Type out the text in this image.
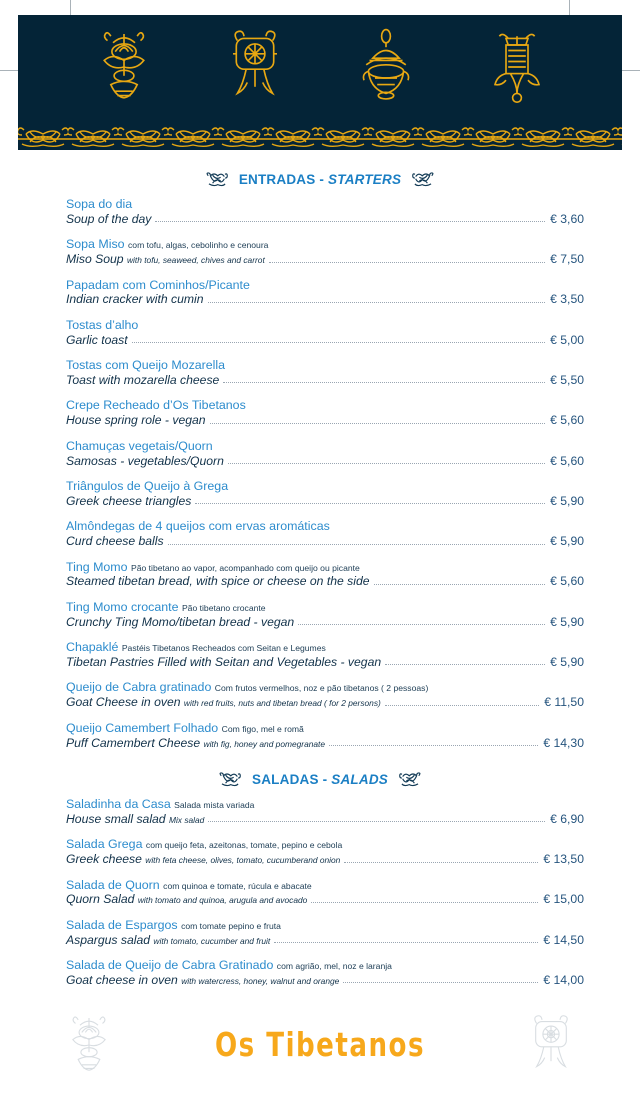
ENTRADAS - STARTERS
Sopa do dia
Soup of the day	€ 3,60
Sopa Miso com tofu, algas, cebolinho e cenoura
Miso Soup with tofu, seaweed, chives and carrot	€ 7,50
Papadam com Cominhos/Picante
Indian cracker with cumin	€ 3,50
Tostas d’alho
Garlic toast	€ 5,00
Tostas com Queijo Mozarella
Toast with mozarella cheese	€ 5,50
Crepe Recheado d’Os Tibetanos
House spring role - vegan	€ 5,60
Chamuças vegetais/Quorn
Samosas - vegetables/Quorn	€ 5,60
Triângulos de Queijo à Grega
Greek cheese triangles	€ 5,90
Almôndegas de 4 queijos com ervas aromáticas
Curd cheese balls	€ 5,90
Ting Momo Pão tibetano ao vapor, acompanhado com queijo ou picante
Steamed tibetan bread, with spice or cheese on the side	€ 5,60
Ting Momo crocante Pão tibetano crocante
Crunchy Ting Momo/tibetan bread - vegan	€ 5,90
Chapaklé Pastéis Tibetanos Recheados com Seitan e Legumes
Tibetan Pastries Filled with Seitan and Vegetables - vegan	€ 5,90
Queijo de Cabra gratinado Com frutos vermelhos, noz e pão tibetanos ( 2 pessoas)
Goat Cheese in oven with red fruits, nuts and tibetan bread ( for 2 persons)	€ 11,50
Queijo Camembert Folhado Com figo, mel e romã
Puff Camembert Cheese with fig, honey and pomegranate	€ 14,30
SALADAS - SALADS
Saladinha da Casa Salada mista variada
House small salad Mix salad	€ 6,90
Salada Grega com queijo feta, azeitonas, tomate, pepino e cebola
Greek cheese with feta cheese, olives, tomato, cucumberand onion	€ 13,50
Salada de Quorn com quinoa e tomate, rúcula e abacate
Quorn Salad with tomato and quinoa, arugula and avocado	€ 15,00
Salada de Espargos com tomate pepino e fruta
Aspargus salad with tomato, cucumber and fruit	€ 14,50
Salada de Queijo de Cabra Gratinado com agrião, mel, noz e laranja
Goat cheese in oven with watercress, honey, walnut and orange	€ 14,00
Os Tibetanos
